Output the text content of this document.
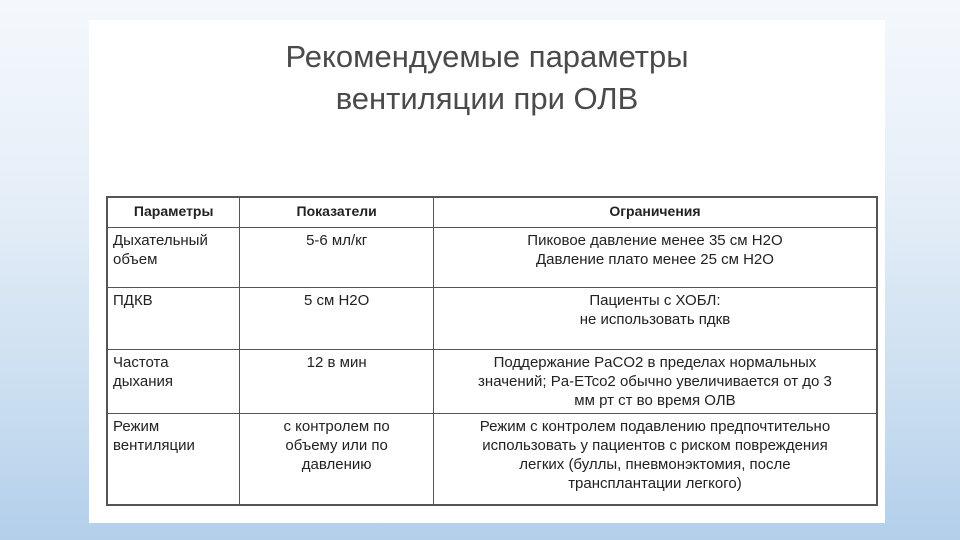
Рекомендуемые параметры
вентиляции при ОЛВ
Параметры	Показатели	Ограничения

Дыхательный
объем	5-6 мл/кг	Пиковое давление менее 35 см Н2О
Давление плато менее 25 см Н2О

ПДКВ	5 см Н2О	Пациенты с ХОБЛ:
не использовать пдкв

Частота
дыхания	12 в мин	Поддержание PaCO2 в пределах нормальных
значений; Pa-ETco2 обычно увеличивается от до 3
мм рт ст во время ОЛВ

Режим
вентиляции	с контролем по
объему или по
давлению	Режим с контролем подавлению предпочтительно
использовать у пациентов с риском повреждения
легких (буллы, пневмонэктомия, после
трансплантации легкого)
